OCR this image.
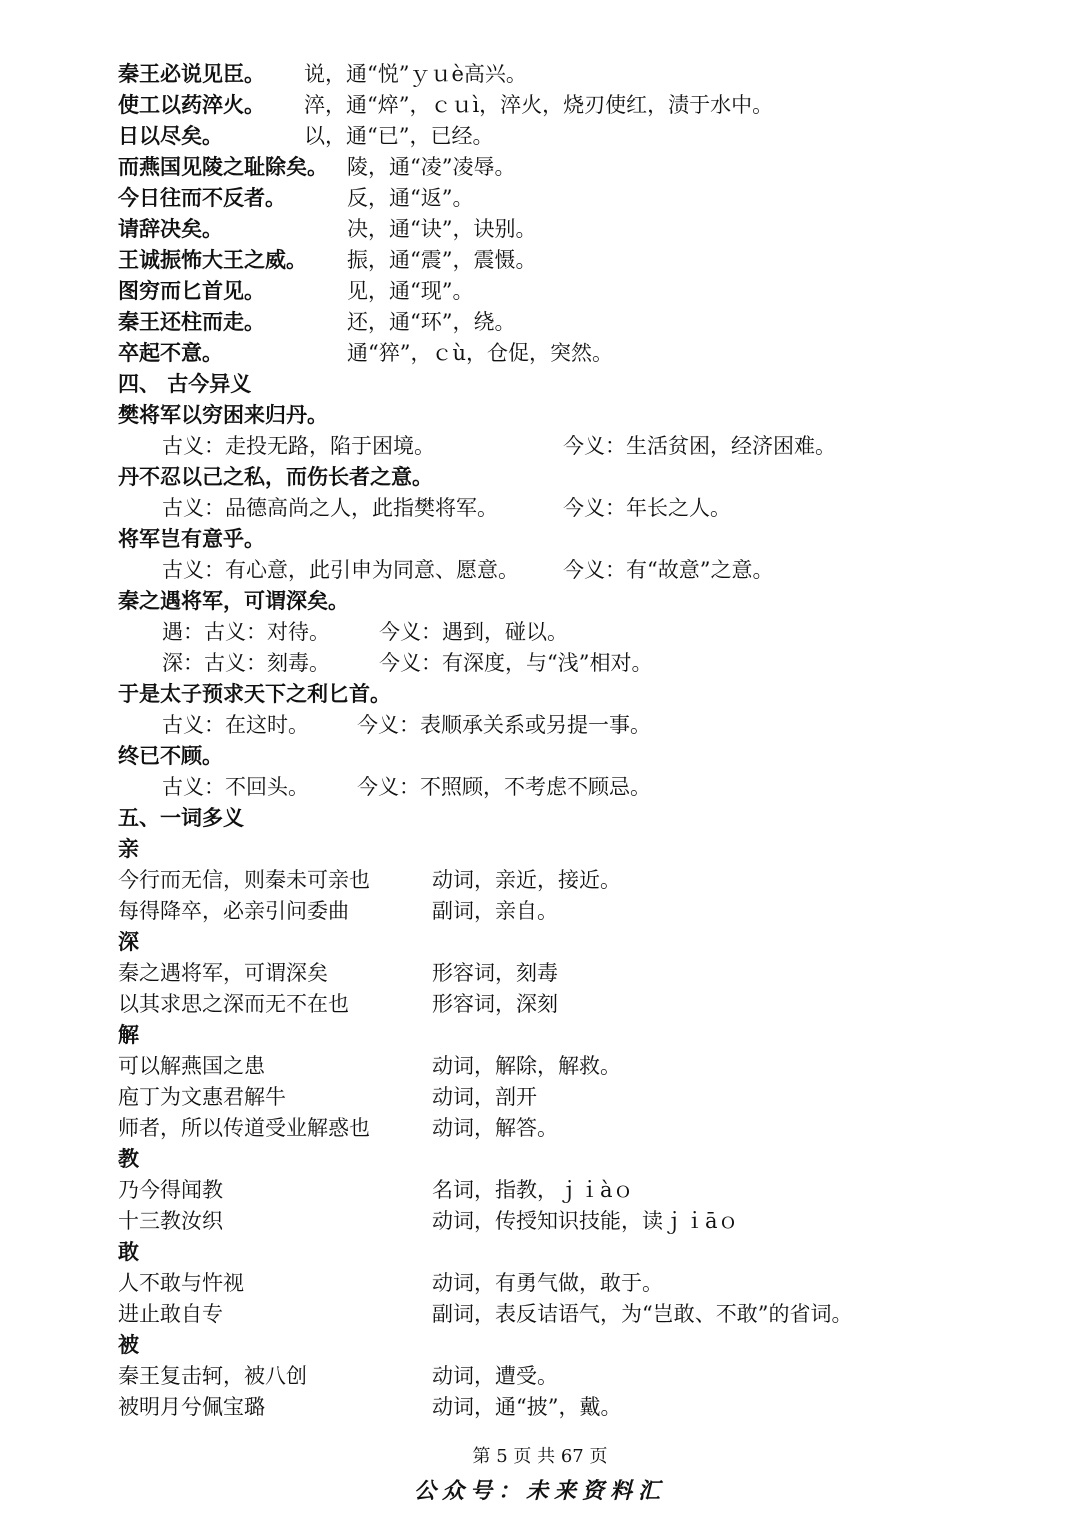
秦王必说见臣。 说，通“悦”ｙｕè高兴。
使工以药淬火。 淬，通“焠”，ｃｕì，淬火，烧刃使红，渍于水中。
日以尽矣。	以，通“已”，已经。
而燕国见陵之耻除矣。 陵，通“凌”凌辱。
今日往而不反者。	反，通“返”。
请辞决矣。	决，通“诀”，诀别。
王诚振怖大王之威。 振，通“震”，震慑。
图穷而匕首见。	见，通“现”。
秦王还柱而走。	还，通“环”，绕。
卒起不意。	通“猝”，ｃù，仓促，突然。
四、 古今异义
樊将军以穷困来归丹。
古义：走投无路，陷于困境。	今义：生活贫困，经济困难。
丹不忍以己之私，而伤长者之意。
古义：品德高尚之人，此指樊将军。	今义：年长之人。
将军岂有意乎。
古义：有心意，此引申为同意、愿意。 今义：有“故意”之意。
秦之遇将军，可谓深矣。
遇：古义：对待。 今义：遇到，碰以。
深：古义：刻毒。 今义：有深度，与“浅”相对。
于是太子预求天下之利匕首。
古义：在这时。 今义：表顺承关系或另提一事。
终已不顾。
古义：不回头。 今义：不照顾，不考虑不顾忌。
五、一词多义
亲
今行而无信，则秦未可亲也	动词，亲近，接近。
每得降卒，必亲引问委曲	副词，亲自。
深
秦之遇将军，可谓深矣	形容词，刻毒
以其求思之深而无不在也	形容词，深刻
解
可以解燕国之患	动词，解除，解救。
庖丁为文惠君解牛	动词，剖开
师者，所以传道受业解惑也	动词，解答。
教
乃今得闻教	名词，指教，ｊｉàｏ
十三教汝织	动词，传授知识技能，读ｊｉāｏ
敢
人不敢与忤视	动词，有勇气做，敢于。
进止敢自专	副词，表反诘语气，为“岂敢、不敢”的省词。
被
秦王复击轲，被八创	动词，遭受。
被明月兮佩宝璐	动词，通“披”，戴。
第 5 页 共 67 页
公众号：未来资料汇
